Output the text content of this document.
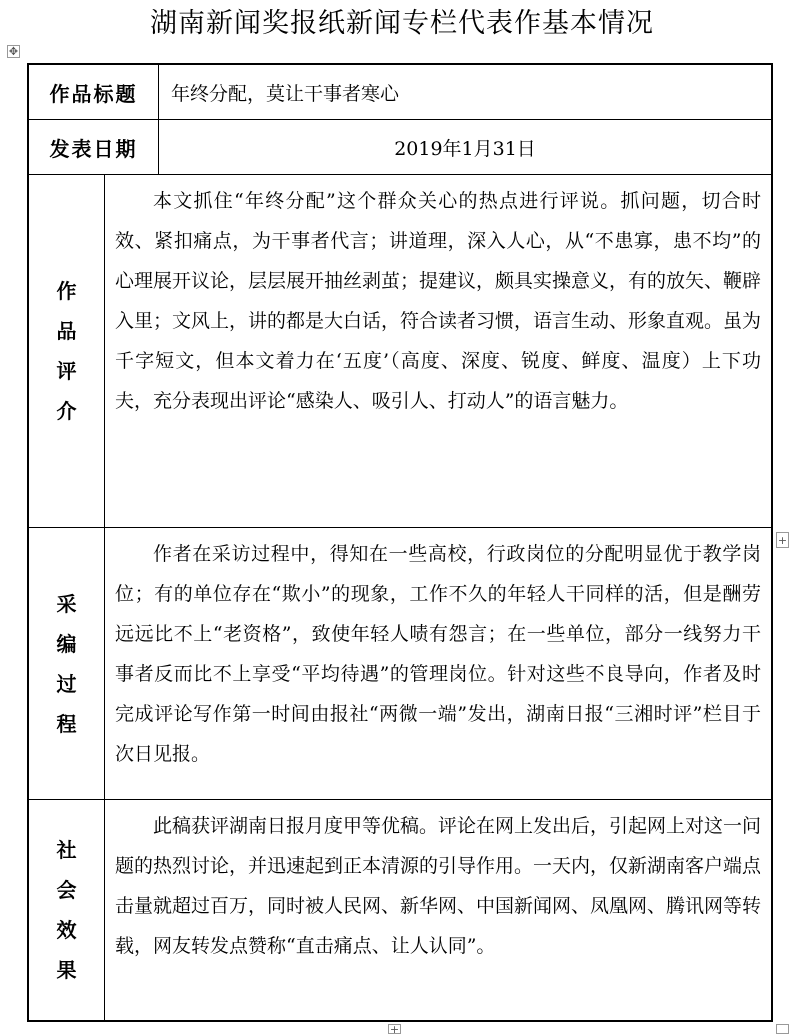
湖南新闻奖报纸新闻专栏代表作基本情况
✥
作品标题	年终分配，莫让干事者寒心
发表日期	2019年1月31日
作
品
评
介

本文抓住“年终分配”这个群众关心的热点进行评说。抓问题，切合时效、紧扣痛点，为干事者代言；讲道理，深入人心，从“不患寡，患不均”的心理展开议论，层层展开抽丝剥茧；提建议，颇具实操意义，有的放矢、鞭辟入里；文风上，讲的都是大白话，符合读者习惯，语言生动、形象直观。虽为千字短文，但本文着力在‘五度’（高度、深度、锐度、鲜度、温度）上下功夫，充分表现出评论“感染人、吸引人、打动人”的语言魅力。

采
编
过
程

作者在采访过程中，得知在一些高校，行政岗位的分配明显优于教学岗位；有的单位存在“欺小”的现象，工作不久的年轻人干同样的活，但是酬劳远远比不上“老资格”，致使年轻人啧有怨言；在一些单位，部分一线努力干事者反而比不上享受“平均待遇”的管理岗位。针对这些不良导向，作者及时完成评论写作第一时间由报社“两微一端”发出，湖南日报“三湘时评”栏目于次日见报。

社
会
效
果

此稿获评湖南日报月度甲等优稿。评论在网上发出后，引起网上对这一问题的热烈讨论，并迅速起到正本清源的引导作用。一天内，仅新湖南客户端点击量就超过百万，同时被人民网、新华网、中国新闻网、凤凰网、腾讯网等转载，网友转发点赞称“直击痛点、让人认同”。

+
+
